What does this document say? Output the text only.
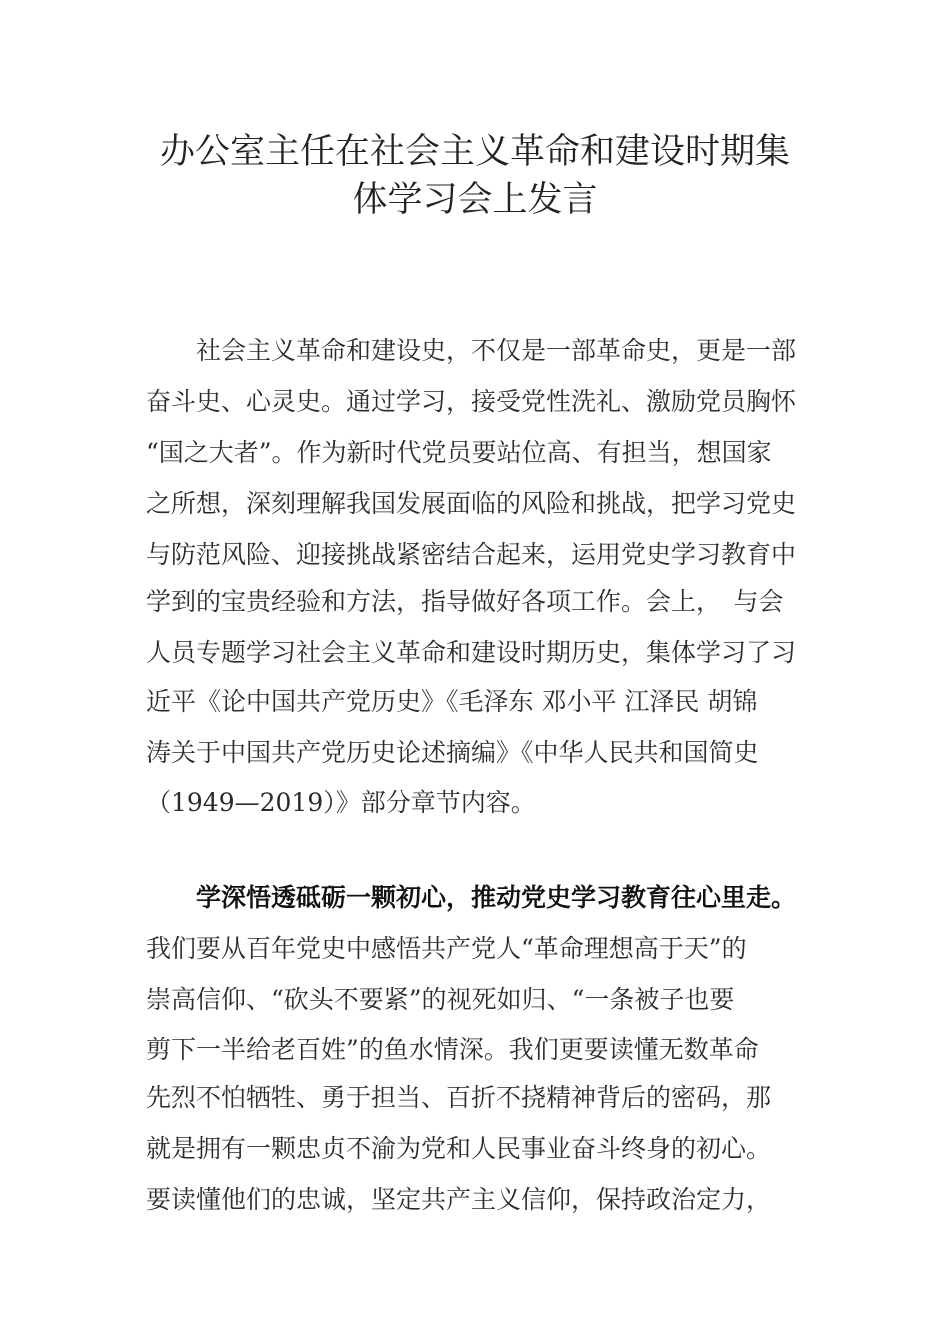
办公室主任在社会主义革命和建设时期集
体学习会上发言
　　社会主义革命和建设史，不仅是一部革命史，更是一部
奋斗史、心灵史。通过学习，接受党性洗礼、激励党员胸怀
“国之大者”。作为新时代党员要站位高、有担当，想国家
之所想，深刻理解我国发展面临的风险和挑战，把学习党史
与防范风险、迎接挑战紧密结合起来，运用党史学习教育中
学到的宝贵经验和方法，指导做好各项工作。会上，　与会
人员专题学习社会主义革命和建设时期历史，集体学习了习
近平《论中国共产党历史》《毛泽东 邓小平 江泽民 胡锦
涛关于中国共产党历史论述摘编》《中华人民共和国简史
（1949—2019）》部分章节内容。
　　学深悟透砥砺一颗初心，推动党史学习教育往心里走。
我们要从百年党史中感悟共产党人“革命理想高于天”的
崇高信仰、“砍头不要紧”的视死如归、“一条被子也要
剪下一半给老百姓”的鱼水情深。我们更要读懂无数革命
先烈不怕牺牲、勇于担当、百折不挠精神背后的密码，那
就是拥有一颗忠贞不渝为党和人民事业奋斗终身的初心。
要读懂他们的忠诚，坚定共产主义信仰，保持政治定力，
